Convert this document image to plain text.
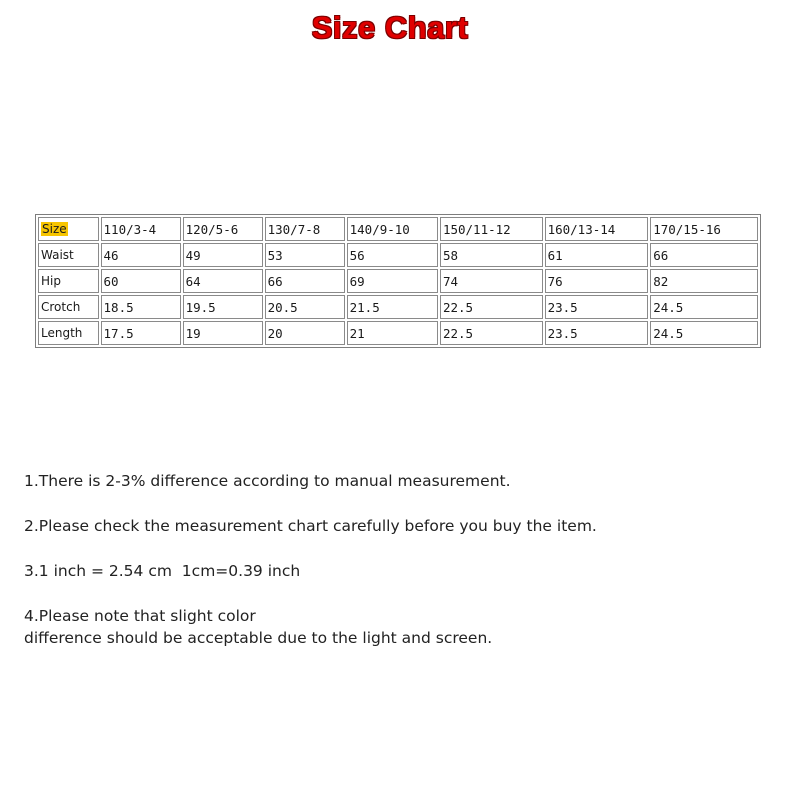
Size Chart
Size	110/3-4	120/5-6	130/7-8	140/9-10	150/11-12	160/13-14	170/15-16
Waist	46	49	53	56	58	61	66
Hip	60	64	66	69	74	76	82
Crotch	18.5	19.5	20.5	21.5	22.5	23.5	24.5
Length	17.5	19	20	21	22.5	23.5	24.5
1.There is 2-3% difference according to manual measurement.
2.Please check the measurement chart carefully before you buy the item.
3.1 inch = 2.54 cm  1cm=0.39 inch
4.Please note that slight color
difference should be acceptable due to the light and screen.
